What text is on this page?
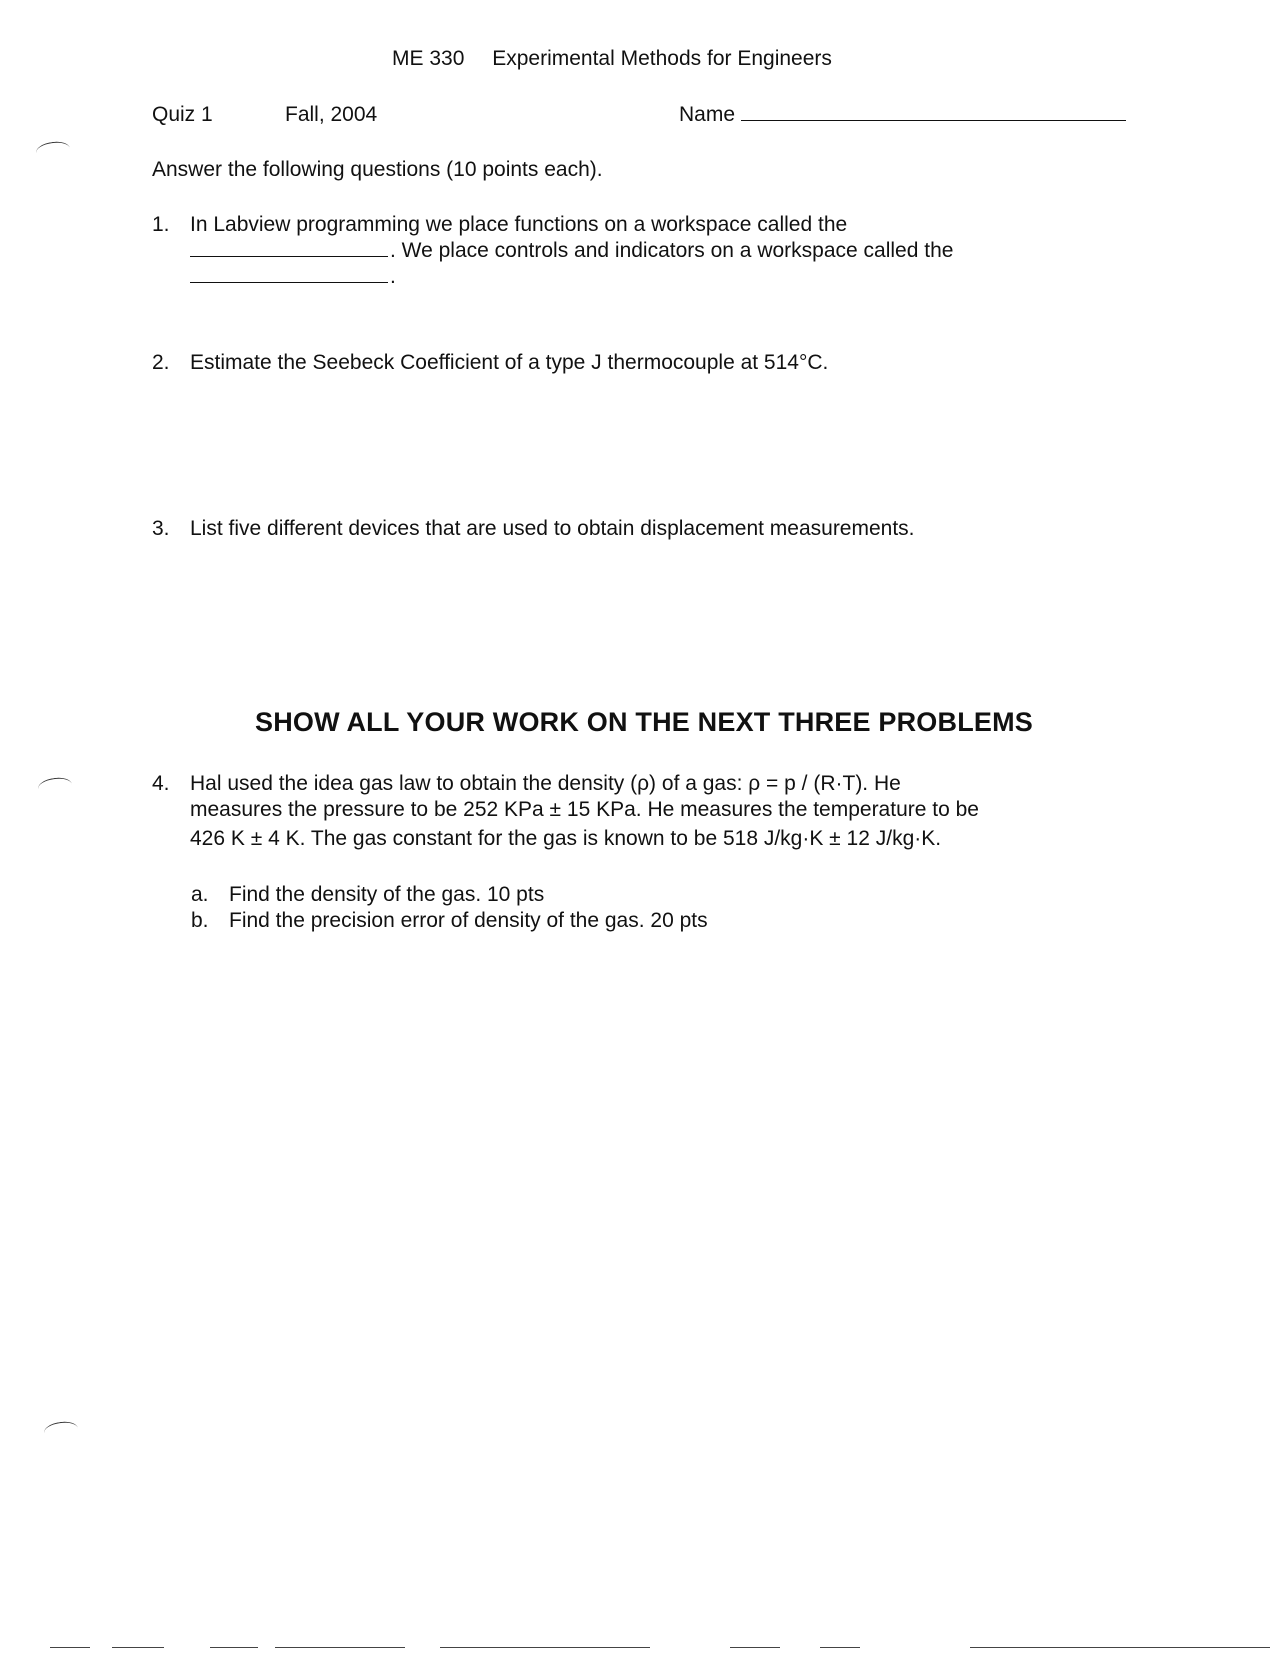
ME 330 Experimental Methods for Engineers
Quiz 1	Fall, 2004	Name
Answer the following questions (10 points each).
1. In Labview programming we place functions on a workspace called the
. We place controls and indicators on a workspace called the
.
2. Estimate the Seebeck Coefficient of a type J thermocouple at 514°C.
3. List five different devices that are used to obtain displacement measurements.
SHOW ALL YOUR WORK ON THE NEXT THREE PROBLEMS
4. Hal used the idea gas law to obtain the density (ρ) of a gas: ρ = p / (R·T). He
measures the pressure to be 252 KPa ± 15 KPa. He measures the temperature to be
426 K ± 4 K. The gas constant for the gas is known to be 518 J/kg·K ± 12 J/kg·K.
a. Find the density of the gas. 10 pts
b. Find the precision error of density of the gas. 20 pts
